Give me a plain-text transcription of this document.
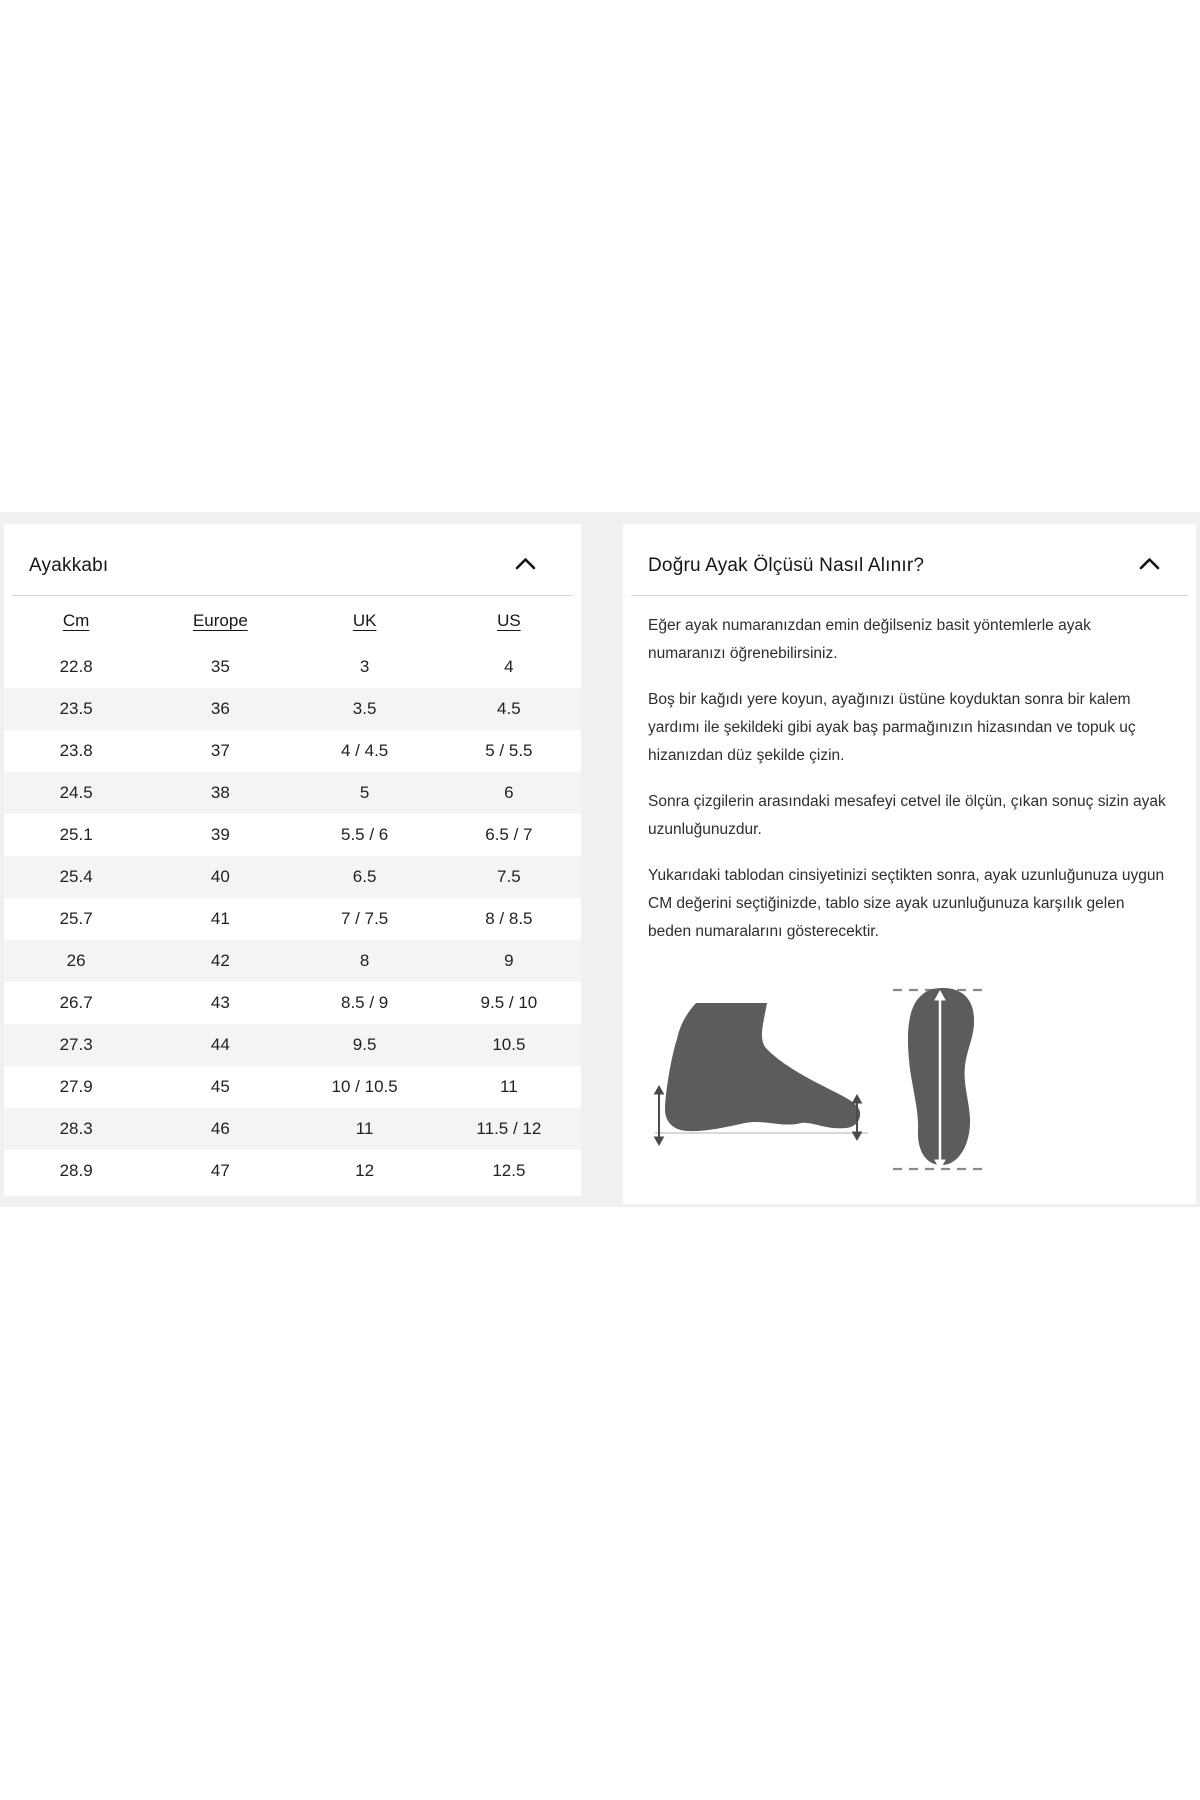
Ayakkabı
Cm	Europe	UK	US
22.8	35	3	4
23.5	36	3.5	4.5
23.8	37	4 / 4.5	5 / 5.5
24.5	38	5	6
25.1	39	5.5 / 6	6.5 / 7
25.4	40	6.5	7.5
25.7	41	7 / 7.5	8 / 8.5
26	42	8	9
26.7	43	8.5 / 9	9.5 / 10
27.3	44	9.5	10.5
27.9	45	10 / 10.5	11
28.3	46	11	11.5 / 12
28.9	47	12	12.5
Doğru Ayak Ölçüsü Nasıl Alınır?

Eğer ayak numaranızdan emin değilseniz basit yöntemlerle ayak numaranızı öğrenebilirsiniz.

Boş bir kağıdı yere koyun, ayağınızı üstüne koyduktan sonra bir kalem yardımı ile şekildeki gibi ayak baş parmağınızın hizasından ve topuk uç hizanızdan düz şekilde çizin.

Sonra çizgilerin arasındaki mesafeyi cetvel ile ölçün, çıkan sonuç sizin ayak uzunluğunuzdur.

Yukarıdaki tablodan cinsiyetinizi seçtikten sonra, ayak uzunluğunuza uygun CM değerini seçtiğinizde, tablo size ayak uzunluğunuza karşılık gelen beden numaralarını gösterecektir.
